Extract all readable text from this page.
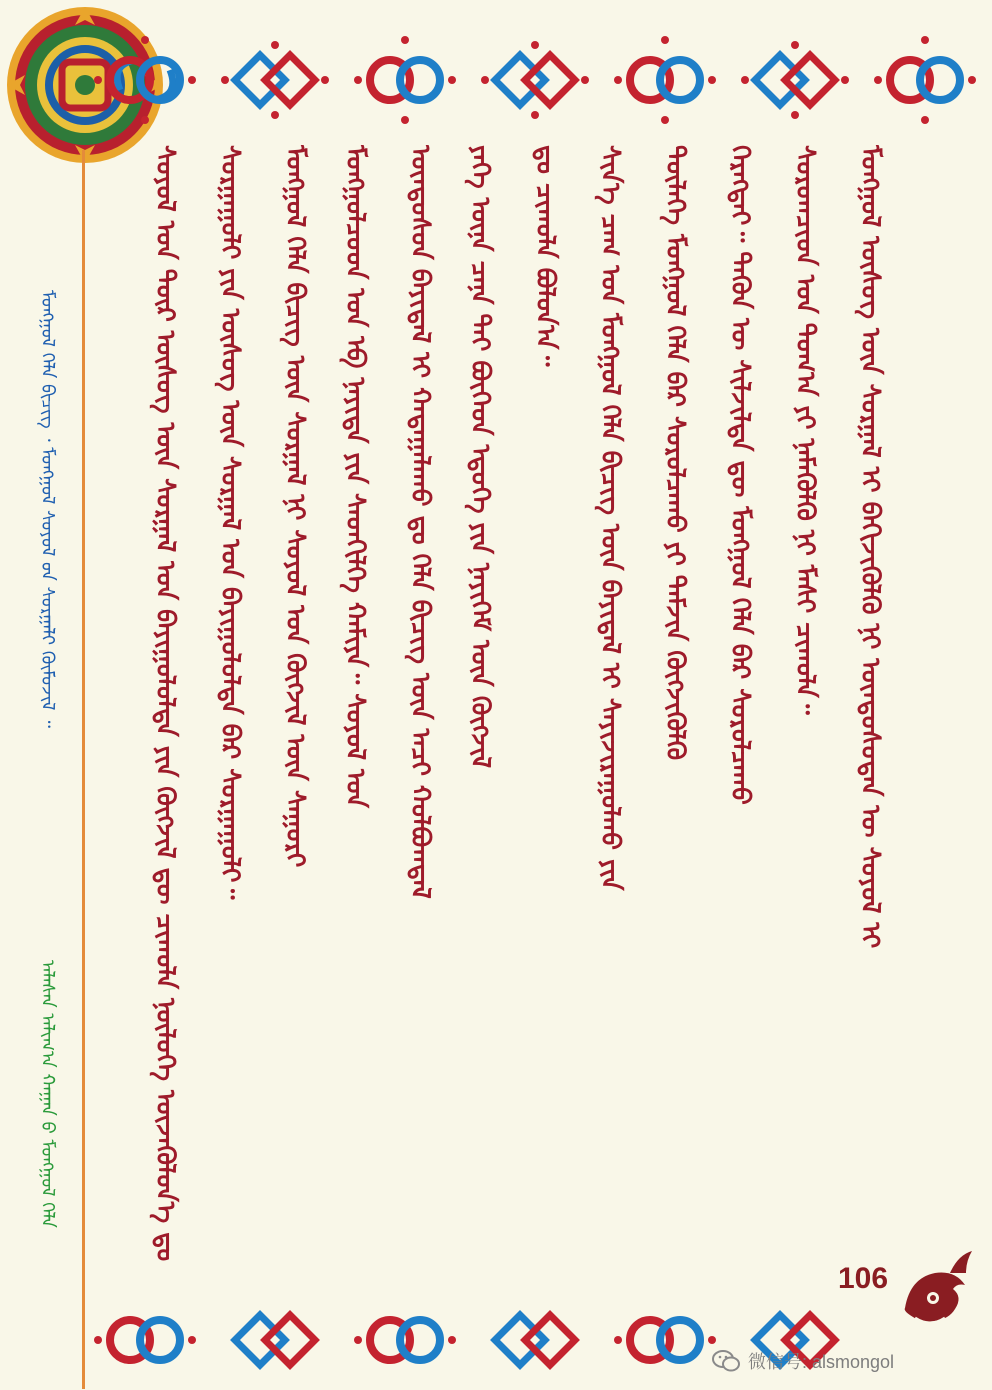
ᠮᠣᠩᠭᠣᠯ ᠬᠡᠯᠡ ᠪᠢᠴᠢᠭ᠌ ᠂ ᠮᠣᠩᠭᠣᠯ ᠰᠣᠶᠣᠯ ᠤ᠋ᠨ ᠰᠤᠷᠭᠠᠯᠢ ᠬᠦᠮᠦᠵᠢᠯ ᠃
ᠠᠯᠠᠰᠠᠨ ᠠᠯᠢᠭ᠎ᠠ ᠬᠠᠭᠠᠨ ᠤ᠋ ᠮᠣᠩᠭᠣᠯ ᠬᠡᠯᠡ	ᠰᠣᠶᠣᠯ ᠤᠨ ᠲᠦᠷ ᠦᠰᠦᠭ ᠦᠨ ᠰᠤᠷᠭᠠᠯ ᠤᠨ ᠪᠠᠶᠢᠭᠤᠯᠤᠯᠳᠠ ᠶᠢᠨ ᠬᠥᠭᠵᠢᠯ ᠳᠦ ᠴᠢᠬᠤᠯᠠ ᠨᠥᠯᠦᠭᠡ ᠦᠵᠡᠭᠦᠯᠦᠨ᠎ᠡ ᠳᠤ ᠰᠤᠷᠭᠠᠭᠤᠯᠢ ᠶᠢᠨ ᠦᠰᠦᠭ ᠦᠨ ᠰᠤᠷᠭᠠᠯ ᠤᠨ ᠪᠠᠶᠢᠭᠤᠯᠤᠯᠳᠠ ᠪᠠᠷ ᠰᠤᠷᠭᠠᠭᠤᠯᠢ᠃ ᠮᠣᠩᠭᠣᠯ ᠬᠡᠯᠡ ᠪᠢᠴᠢᠭ ᠦᠨ ᠰᠤᠷᠭᠠᠯ ᠨᠢ ᠰᠣᠶᠣᠯ ᠤᠨ ᠬᠥᠭᠵᠢᠯ ᠦᠨ ᠰᠠᠭᠤᠷᠢ ᠮᠣᠩᠭᠣᠯᠴᠤᠳ ᠤᠨ ᠡᠪ ᠨᠡᠶᠢᠲᠡ ᠶᠢᠨ ᠰᠡᠳᠬᠢᠯᠭᠡ ᠬᠠᠮᠢᠶᠠ᠃ ᠰᠣᠶᠣᠯ ᠤᠨ ᠦᠨᠳᠦᠰᠦᠨ ᠪᠠᠶᠢᠳᠠᠯ ᠢ ᠬᠠᠳᠠᠭᠠᠯᠠᠬᠤ ᠳᠤ ᠬᠡᠯᠡ ᠪᠢᠴᠢᠭ ᠦᠨ ᠠᠴᠢ ᠬᠣᠯᠪᠣᠭᠳᠠᠯ ᠶᠡᠬᠡ ᠦᠨᠡ ᠴᠡᠨᠡ ᠲᠠᠢ ᠪᠥᠭᠡᠳ ᠡᠳᠦᠭᠡ ᠶᠢᠨ ᠨᠡᠶᠢᠭᠡᠮ ᠦᠨ ᠬᠥᠭᠵᠢᠯ ᠳᠤ ᠴᠢᠬᠤᠯᠠ ᠪᠣᠯᠤᠨ᠎ᠠ᠃ ᠰᠢᠨ᠎ᠡ ᠴᠠᠭ ᠤᠨ ᠮᠣᠩᠭᠣᠯ ᠬᠡᠯᠡ ᠪᠢᠴᠢᠭ ᠦᠨ ᠪᠠᠶᠢᠳᠠᠯ ᠢ ᠰᠠᠶᠢᠵᠢᠷᠠᠭᠤᠯᠬᠤ ᠶᠢᠨ ᠲᠦᠯᠡᠭᠡ ᠮᠣᠩᠭᠣᠯ ᠬᠡᠯᠡ ᠪᠡᠷ ᠰᠤᠷᠤᠯᠴᠠᠬᠤ ᠶᠢ ᠳᠡᠮᠵᠢᠨ ᠬᠥᠭᠵᠢᠭᠦᠯᠬᠦ ᠬᠡᠷᠡᠭᠲᠡᠢ᠃ ᠲᠡᠭᠦᠨ ᠦ ᠰᠢᠯᠵᠢᠯᠲᠡ ᠳᠦ ᠮᠣᠩᠭᠣᠯ ᠬᠡᠯᠡ ᠪᠡᠷ ᠰᠤᠷᠤᠯᠴᠠᠬᠤ ᠰᠤᠷᠤᠭᠴᠢᠳ ᠤᠨ ᠲᠣᠭ᠎ᠠ ᠶᠢ ᠨᠡᠮᠡᠭᠦᠯᠬᠦ ᠨᠢ ᠮᠠᠰᠢ ᠴᠢᠬᠤᠯᠠ᠃ ᠮᠣᠩᠭᠣᠯ ᠦᠰᠦᠭ ᠦᠨ ᠰᠤᠷᠭᠠᠯ ᠢ ᠪᠡᠬᠢᠵᠢᠭᠦᠯᠬᠦ ᠨᠢ ᠦᠨᠳᠦᠰᠦᠲᠡᠨ ᠦ ᠰᠣᠶᠣᠯ ᠢ
106
微信号: alsmongol
